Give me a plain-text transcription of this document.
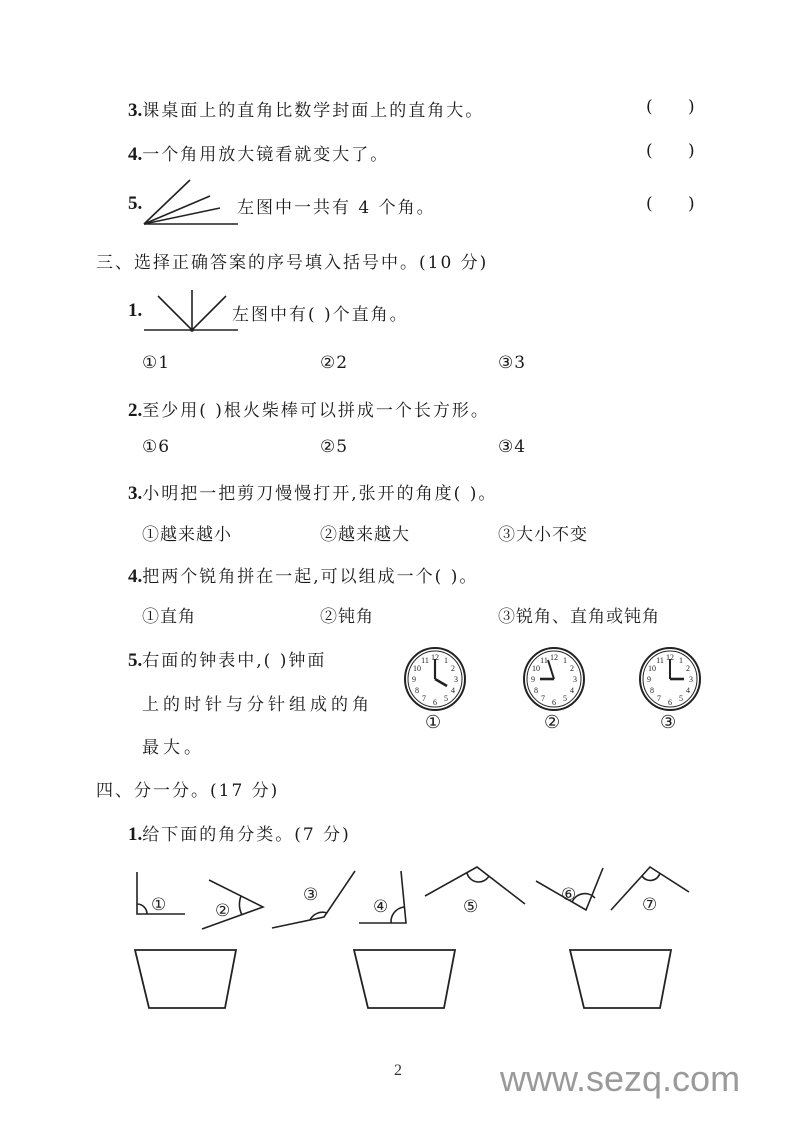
3.课桌面上的直角比数学封面上的直角大。	( )
4.一个角用放大镜看就变大了。	( )
5.	左图中一共有 4 个角。	( )
三、选择正确答案的序号填入括号中。(10 分)
1.	左图中有( )个直角。
①1	②2	③3
2.至少用( )根火柴棒可以拼成一个长方形。
①6	②5	③4
3.小明把一把剪刀慢慢打开,张开的角度( )。
①越来越小	②越来越大	③大小不变
4.把两个锐角拼在一起,可以组成一个( )。
①直角	②钝角	③锐角、直角或钝角
5.右面的钟表中,( )钟面
上的时针与分针组成的角
最大。
12 1
2
3
4
5
6
7
8
9
10
11
①
12 1
2
3
4
5
6
7
8
9
10
11
②
12 1
2
3
4
5
6
7
8
9
10
11
③
四、分一分。(17 分)
1.给下面的角分类。(7 分)
①	②
③
④	⑤
⑥	⑦
2	www.sezq.com
